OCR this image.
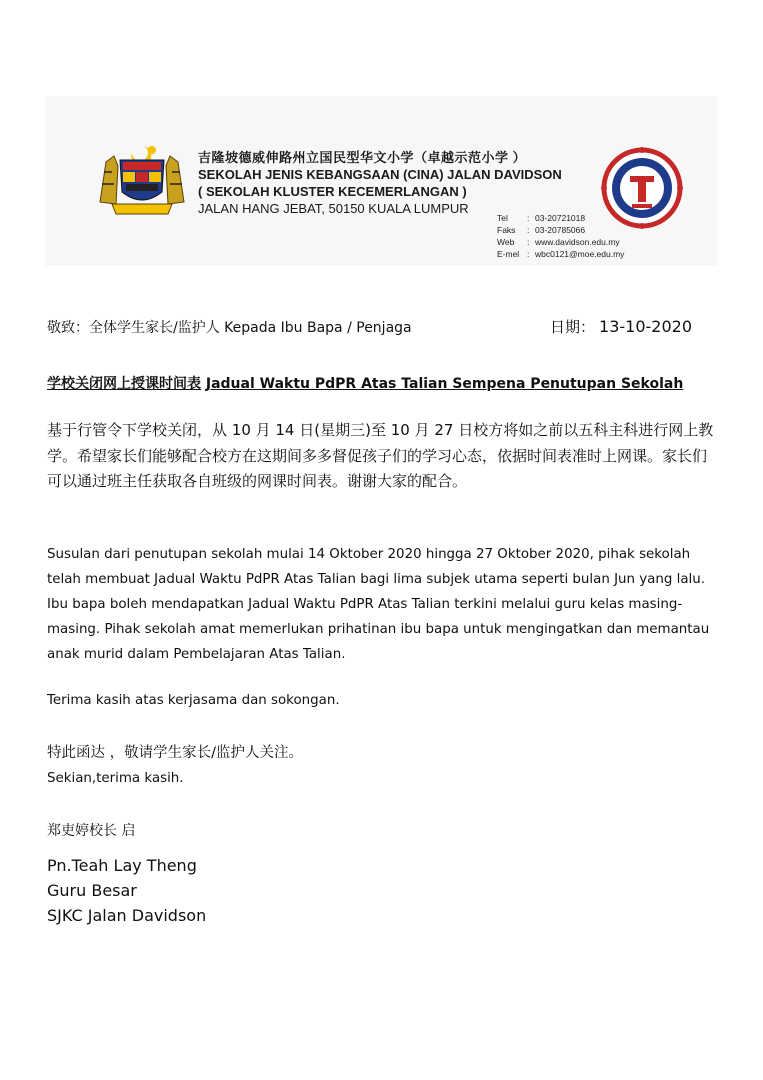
吉隆坡德威伸路州立国民型华文小学（卓越示范小学 ）
SEKOLAH JENIS KEBANGSAAN (CINA) JALAN DAVIDSON
( SEKOLAH KLUSTER KECEMERLANGAN )
JALAN HANG JEBAT, 50150 KUALA LUMPUR
Tel	: 03-20721018
Faks	: 03-20785066
Web	: www.davidson.edu.my
E-mel : wbc0121@moe.edu.my
敬致：全体学生家长/监护人 Kepada Ibu Bapa / Penjaga	日期： 13-10-2020
学校关闭网上授课时间表 Jadual Waktu PdPR Atas Talian Sempena Penutupan Sekolah
基于行管令下学校关闭，从 10 月 14 日(星期三)至 10 月 27 日校方将如之前以五科主科进行网上教学。希望家长们能够配合校方在这期间多多督促孩子们的学习心态，依据时间表准时上网课。家长们可以通过班主任获取各自班级的网课时间表。谢谢大家的配合。
Susulan dari penutupan sekolah mulai 14 Oktober 2020 hingga 27 Oktober 2020, pihak sekolah telah membuat Jadual Waktu PdPR Atas Talian bagi lima subjek utama seperti bulan Jun yang lalu. Ibu bapa boleh mendapatkan Jadual Waktu PdPR Atas Talian terkini melalui guru kelas masing-masing. Pihak sekolah amat memerlukan prihatinan ibu bapa untuk mengingatkan dan memantau anak murid dalam Pembelajaran Atas Talian.
Terima kasih atas kerjasama dan sokongan.
特此函达 ，敬请学生家长/监护人关注。
Sekian,terima kasih.
郑吏婷校长 启
Pn.Teah Lay Theng
Guru Besar
SJKC Jalan Davidson
